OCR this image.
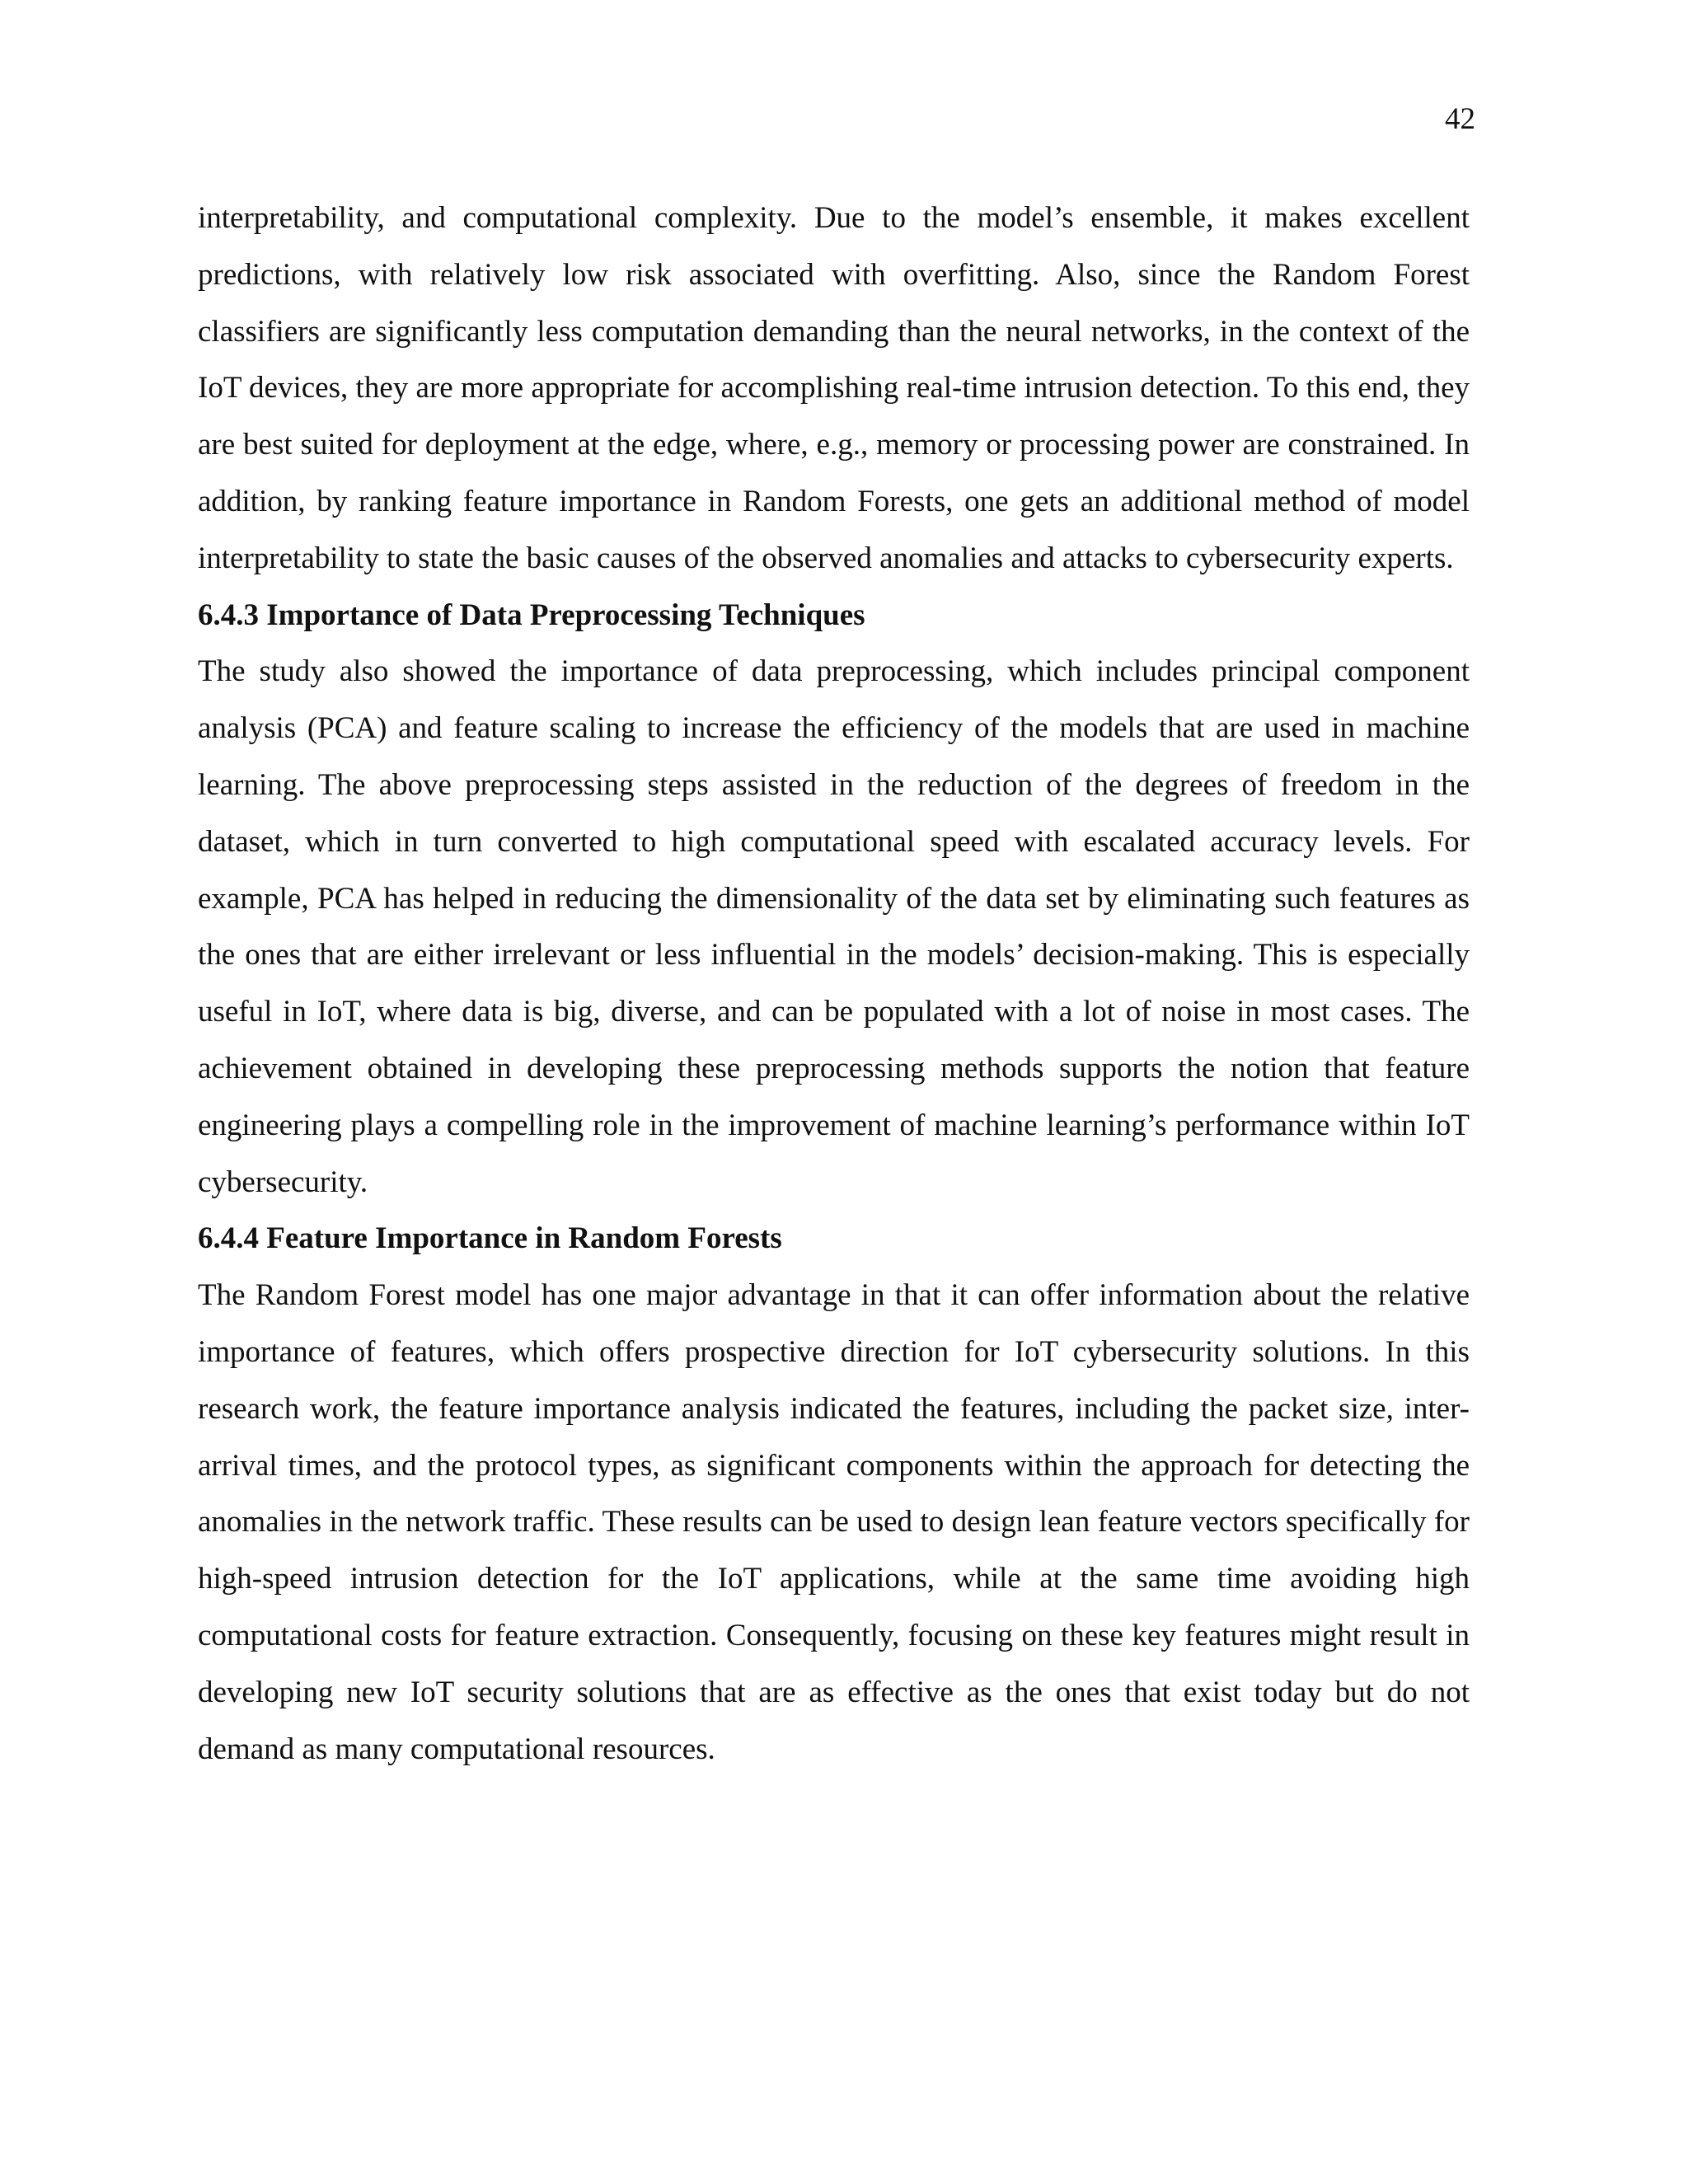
42

interpretability, and computational complexity. Due to the model’s ensemble, it makes excellent predictions, with relatively low risk associated with overfitting. Also, since the Random Forest classifiers are significantly less computation demanding than the neural networks, in the context of the IoT devices, they are more appropriate for accomplishing real-time intrusion detection. To this end, they are best suited for deployment at the edge, where, e.g., memory or processing power are constrained. In addition, by ranking feature importance in Random Forests, one gets an additional method of model interpretability to state the basic causes of the observed anomalies and attacks to cybersecurity experts.

6.4.3 Importance of Data Preprocessing Techniques

The study also showed the importance of data preprocessing, which includes principal component analysis (PCA) and feature scaling to increase the efficiency of the models that are used in machine learning. The above preprocessing steps assisted in the reduction of the degrees of freedom in the dataset, which in turn converted to high computational speed with escalated accuracy levels. For example, PCA has helped in reducing the dimensionality of the data set by eliminating such features as the ones that are either irrelevant or less influential in the models’ decision-making. This is especially useful in IoT, where data is big, diverse, and can be populated with a lot of noise in most cases. The achievement obtained in developing these preprocessing methods supports the notion that feature engineering plays a compelling role in the improvement of machine learning’s performance within IoT cybersecurity.

6.4.4 Feature Importance in Random Forests

The Random Forest model has one major advantage in that it can offer information about the relative importance of features, which offers prospective direction for IoT cybersecurity solutions. In this research work, the feature importance analysis indicated the features, including the packet size, inter-arrival times, and the protocol types, as significant components within the approach for detecting the anomalies in the network traffic. These results can be used to design lean feature vectors specifically for high-speed intrusion detection for the IoT applications, while at the same time avoiding high computational costs for feature extraction. Consequently, focusing on these key features might result in developing new IoT security solutions that are as effective as the ones that exist today but do not demand as many computational resources.
